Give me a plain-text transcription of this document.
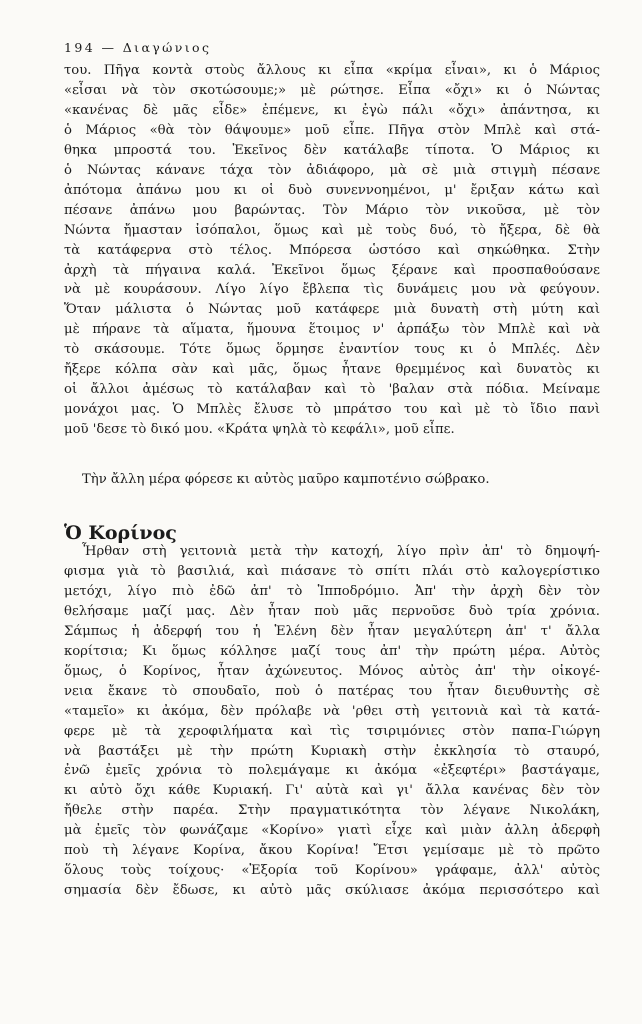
194 — Διαγώνιος

του. Πῆγα κοντὰ στοὺς ἄλλους κι εἶπα «κρίμα εἶναι», κι ὁ Μάριος
«εἶσαι νὰ τὸν σκοτώσουμε;» μὲ ρώτησε. Εἶπα «ὄχι» κι ὁ Νώντας
«κανένας δὲ μᾶς εἶδε» ἐπέμενε, κι ἐγὼ πάλι «ὄχι» ἀπάντησα, κι
ὁ Μάριος «θὰ τὸν θάψουμε» μοῦ εἶπε. Πῆγα στὸν Μπλὲ καὶ στά-
θηκα μπροστά του. Ἐκεῖνος δὲν κατάλαβε τίποτα. Ὁ Μάριος κι
ὁ Νώντας κάνανε τάχα τὸν ἀδιάφορο, μὰ σὲ μιὰ στιγμὴ πέσανε
ἀπότομα ἀπάνω μου κι οἱ δυὸ συνεννοημένοι, μ' ἔριξαν κάτω καὶ
πέσανε ἀπάνω μου βαρώντας. Τὸν Μάριο τὸν νικοῦσα, μὲ τὸν
Νώντα ἤμασταν ἰσόπαλοι, ὅμως καὶ μὲ τοὺς δυό, τὸ ἤξερα, δὲ θὰ
τὰ κατάφερνα στὸ τέλος. Μπόρεσα ὡστόσο καὶ σηκώθηκα. Στὴν
ἀρχὴ τὰ πήγαινα καλά. Ἐκεῖνοι ὅμως ξέρανε καὶ προσπαθούσανε
νὰ μὲ κουράσουν. Λίγο λίγο ἔβλεπα τὶς δυνάμεις μου νὰ φεύγουν.
Ὅταν μάλιστα ὁ Νώντας μοῦ κατάφερε μιὰ δυνατὴ στὴ μύτη καὶ
μὲ πήρανε τὰ αἵματα, ἥμουνα ἕτοιμος ν' ἁρπάξω τὸν Μπλὲ καὶ νὰ
τὸ σκάσουμε. Τότε ὅμως ὅρμησε ἐναντίον τους κι ὁ Μπλές. Δὲν
ἤξερε κόλπα σὰν καὶ μᾶς, ὅμως ἦτανε θρεμμένος καὶ δυνατὸς κι
οἱ ἄλλοι ἀμέσως τὸ κατάλαβαν καὶ τὸ 'βαλαν στὰ πόδια. Μείναμε
μονάχοι μας. Ὁ Μπλὲς ἔλυσε τὸ μπράτσο του καὶ μὲ τὸ ἴδιο πανὶ
μοῦ 'δεσε τὸ δικό μου. «Κράτα ψηλὰ τὸ κεφάλι», μοῦ εἶπε.

Τὴν ἄλλη μέρα φόρεσε κι αὐτὸς μαῦρο καμποτένιο σώβρακο.

Ὁ Κορίνος

Ἦρθαν στὴ γειτονιὰ μετὰ τὴν κατοχή, λίγο πρὶν ἀπ' τὸ δημοψή-
φισμα γιὰ τὸ βασιλιά, καὶ πιάσανε τὸ σπίτι πλάι στὸ καλογερίστικο
μετόχι, λίγο πιὸ ἐδῶ ἀπ' τὸ Ἱπποδρόμιο. Ἀπ' τὴν ἀρχὴ δὲν τὸν
θελήσαμε μαζί μας. Δὲν ἦταν ποὺ μᾶς περνοῦσε δυὸ τρία χρόνια.
Σάμπως ἡ ἀδερφή του ἡ Ἑλένη δὲν ἦταν μεγαλύτερη ἀπ' τ' ἄλλα
κορίτσια; Κι ὅμως κόλλησε μαζί τους ἀπ' τὴν πρώτη μέρα. Αὐτὸς
ὅμως, ὁ Κορίνος, ἦταν ἀχώνευτος. Μόνος αὐτὸς ἀπ' τὴν οἰκογέ-
νεια ἔκανε τὸ σπουδαῖο, ποὺ ὁ πατέρας του ἦταν διευθυντὴς σὲ
«ταμεῖο» κι ἀκόμα, δὲν πρόλαβε νὰ 'ρθει στὴ γειτονιὰ καὶ τὰ κατά-
φερε μὲ τὰ χεροφιλήματα καὶ τὶς τσιριμόνιες στὸν παπα-Γιώργη
νὰ βαστάξει μὲ τὴν πρώτη Κυριακὴ στὴν ἐκκλησία τὸ σταυρό,
ἐνῶ ἐμεῖς χρόνια τὸ πολεμάγαμε κι ἀκόμα «ἐξεφτέρι» βαστάγαμε,
κι αὐτὸ ὄχι κάθε Κυριακή. Γι' αὐτὰ καὶ γι' ἄλλα κανένας δὲν τὸν
ἤθελε στὴν παρέα. Στὴν πραγματικότητα τὸν λέγανε Νικολάκη,
μὰ ἐμεῖς τὸν φωνάζαμε «Κορίνο» γιατὶ εἶχε καὶ μιὰν ἀλλη ἀδερφὴ
ποὺ τὴ λέγανε Κορίνα, ἄκου Κορίνα! Ἔτσι γεμίσαμε μὲ τὸ πρῶτο
ὅλους τοὺς τοίχους· «Ἐξορία τοῦ Κορίνου» γράφαμε, ἀλλ' αὐτὸς
σημασία δὲν ἔδωσε, κι αὐτὸ μᾶς σκύλιασε ἀκόμα περισσότερο καὶ
